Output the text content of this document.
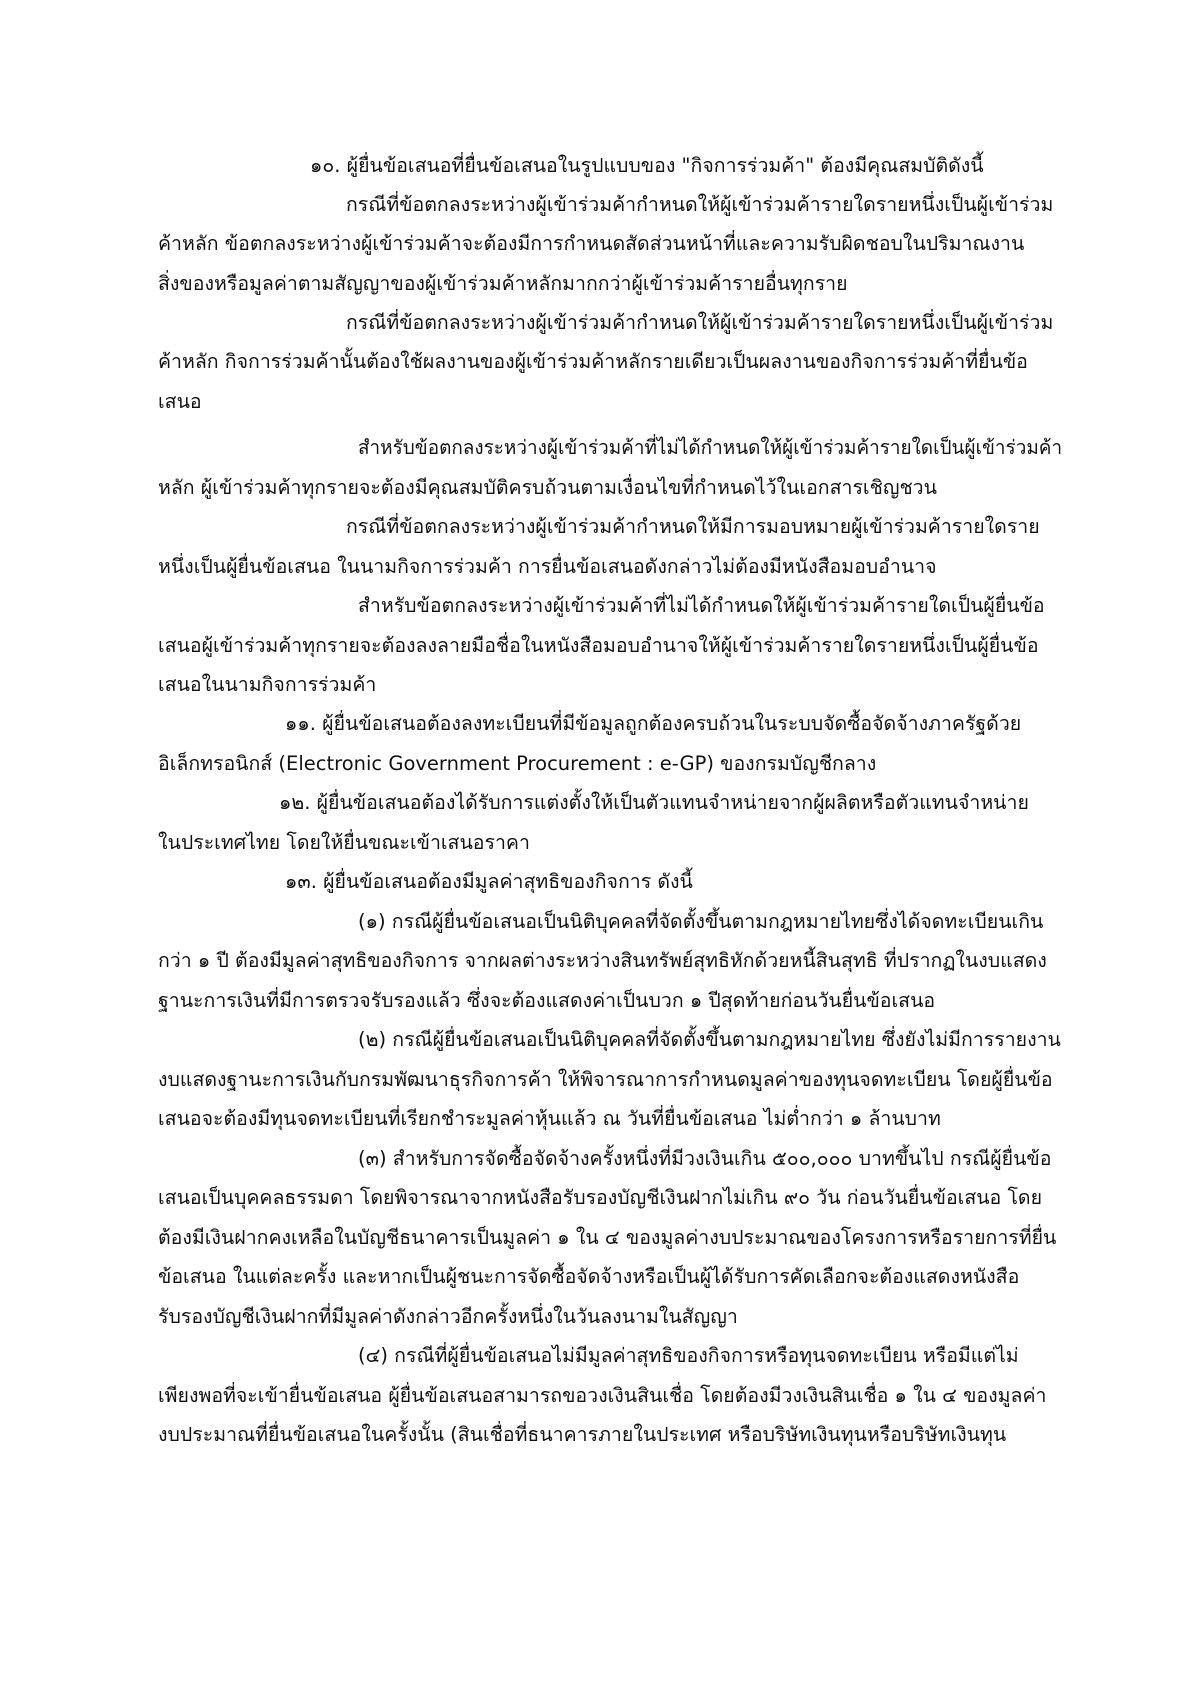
๑๐. ผู้ยื่นข้อเสนอที่ยื่นข้อเสนอในรูปแบบของ "กิจการร่วมค้า" ต้องมีคุณสมบัติดังนี้

กรณีที่ข้อตกลงระหว่างผู้เข้าร่วมค้ากำหนดให้ผู้เข้าร่วมค้ารายใดรายหนึ่งเป็นผู้เข้าร่วม

ค้าหลัก ข้อตกลงระหว่างผู้เข้าร่วมค้าจะต้องมีการกำหนดสัดส่วนหน้าที่และความรับผิดชอบในปริมาณงาน

สิ่งของหรือมูลค่าตามสัญญาของผู้เข้าร่วมค้าหลักมากกว่าผู้เข้าร่วมค้ารายอื่นทุกราย

กรณีที่ข้อตกลงระหว่างผู้เข้าร่วมค้ากำหนดให้ผู้เข้าร่วมค้ารายใดรายหนึ่งเป็นผู้เข้าร่วม

ค้าหลัก กิจการร่วมค้านั้นต้องใช้ผลงานของผู้เข้าร่วมค้าหลักรายเดียวเป็นผลงานของกิจการร่วมค้าที่ยื่นข้อ

เสนอ

สำหรับข้อตกลงระหว่างผู้เข้าร่วมค้าที่ไม่ได้กำหนดให้ผู้เข้าร่วมค้ารายใดเป็นผู้เข้าร่วมค้า

หลัก ผู้เข้าร่วมค้าทุกรายจะต้องมีคุณสมบัติครบถ้วนตามเงื่อนไขที่กำหนดไว้ในเอกสารเชิญชวน

กรณีที่ข้อตกลงระหว่างผู้เข้าร่วมค้ากำหนดให้มีการมอบหมายผู้เข้าร่วมค้ารายใดราย

หนึ่งเป็นผู้ยื่นข้อเสนอ ในนามกิจการร่วมค้า การยื่นข้อเสนอดังกล่าวไม่ต้องมีหนังสือมอบอำนาจ

สำหรับข้อตกลงระหว่างผู้เข้าร่วมค้าที่ไม่ได้กำหนดให้ผู้เข้าร่วมค้ารายใดเป็นผู้ยื่นข้อ

เสนอผู้เข้าร่วมค้าทุกรายจะต้องลงลายมือชื่อในหนังสือมอบอำนาจให้ผู้เข้าร่วมค้ารายใดรายหนึ่งเป็นผู้ยื่นข้อ

เสนอในนามกิจการร่วมค้า

๑๑. ผู้ยื่นข้อเสนอต้องลงทะเบียนที่มีข้อมูลถูกต้องครบถ้วนในระบบจัดซื้อจัดจ้างภาครัฐด้วย

อิเล็กทรอนิกส์ (Electronic Government Procurement : e-GP) ของกรมบัญชีกลาง

๑๒. ผู้ยื่นข้อเสนอต้องได้รับการแต่งตั้งให้เป็นตัวแทนจำหน่ายจากผู้ผลิตหรือตัวแทนจำหน่าย

ในประเทศไทย โดยให้ยื่นขณะเข้าเสนอราคา

๑๓. ผู้ยื่นข้อเสนอต้องมีมูลค่าสุทธิของกิจการ ดังนี้

(๑) กรณีผู้ยื่นข้อเสนอเป็นนิติบุคคลที่จัดตั้งขึ้นตามกฎหมายไทยซึ่งได้จดทะเบียนเกิน

กว่า ๑ ปี ต้องมีมูลค่าสุทธิของกิจการ จากผลต่างระหว่างสินทรัพย์สุทธิหักด้วยหนี้สินสุทธิ ที่ปรากฏในงบแสดง

ฐานะการเงินที่มีการตรวจรับรองแล้ว ซึ่งจะต้องแสดงค่าเป็นบวก ๑ ปีสุดท้ายก่อนวันยื่นข้อเสนอ

(๒) กรณีผู้ยื่นข้อเสนอเป็นนิติบุคคลที่จัดตั้งขึ้นตามกฎหมายไทย ซึ่งยังไม่มีการรายงาน

งบแสดงฐานะการเงินกับกรมพัฒนาธุรกิจการค้า ให้พิจารณาการกำหนดมูลค่าของทุนจดทะเบียน โดยผู้ยื่นข้อ

เสนอจะต้องมีทุนจดทะเบียนที่เรียกชำระมูลค่าหุ้นแล้ว ณ วันที่ยื่นข้อเสนอ ไม่ต่ำกว่า ๑ ล้านบาท

(๓) สำหรับการจัดซื้อจัดจ้างครั้งหนึ่งที่มีวงเงินเกิน ๕๐๐,๐๐๐ บาทขึ้นไป กรณีผู้ยื่นข้อ

เสนอเป็นบุคคลธรรมดา โดยพิจารณาจากหนังสือรับรองบัญชีเงินฝากไม่เกิน ๙๐ วัน ก่อนวันยื่นข้อเสนอ โดย

ต้องมีเงินฝากคงเหลือในบัญชีธนาคารเป็นมูลค่า ๑ ใน ๔ ของมูลค่างบประมาณของโครงการหรือรายการที่ยื่น

ข้อเสนอ ในแต่ละครั้ง และหากเป็นผู้ชนะการจัดซื้อจัดจ้างหรือเป็นผู้ได้รับการคัดเลือกจะต้องแสดงหนังสือ

รับรองบัญชีเงินฝากที่มีมูลค่าดังกล่าวอีกครั้งหนึ่งในวันลงนามในสัญญา

(๔) กรณีที่ผู้ยื่นข้อเสนอไม่มีมูลค่าสุทธิของกิจการหรือทุนจดทะเบียน หรือมีแต่ไม่

เพียงพอที่จะเข้ายื่นข้อเสนอ ผู้ยื่นข้อเสนอสามารถขอวงเงินสินเชื่อ โดยต้องมีวงเงินสินเชื่อ ๑ ใน ๔ ของมูลค่า

งบประมาณที่ยื่นข้อเสนอในครั้งนั้น (สินเชื่อที่ธนาคารภายในประเทศ หรือบริษัทเงินทุนหรือบริษัทเงินทุน
